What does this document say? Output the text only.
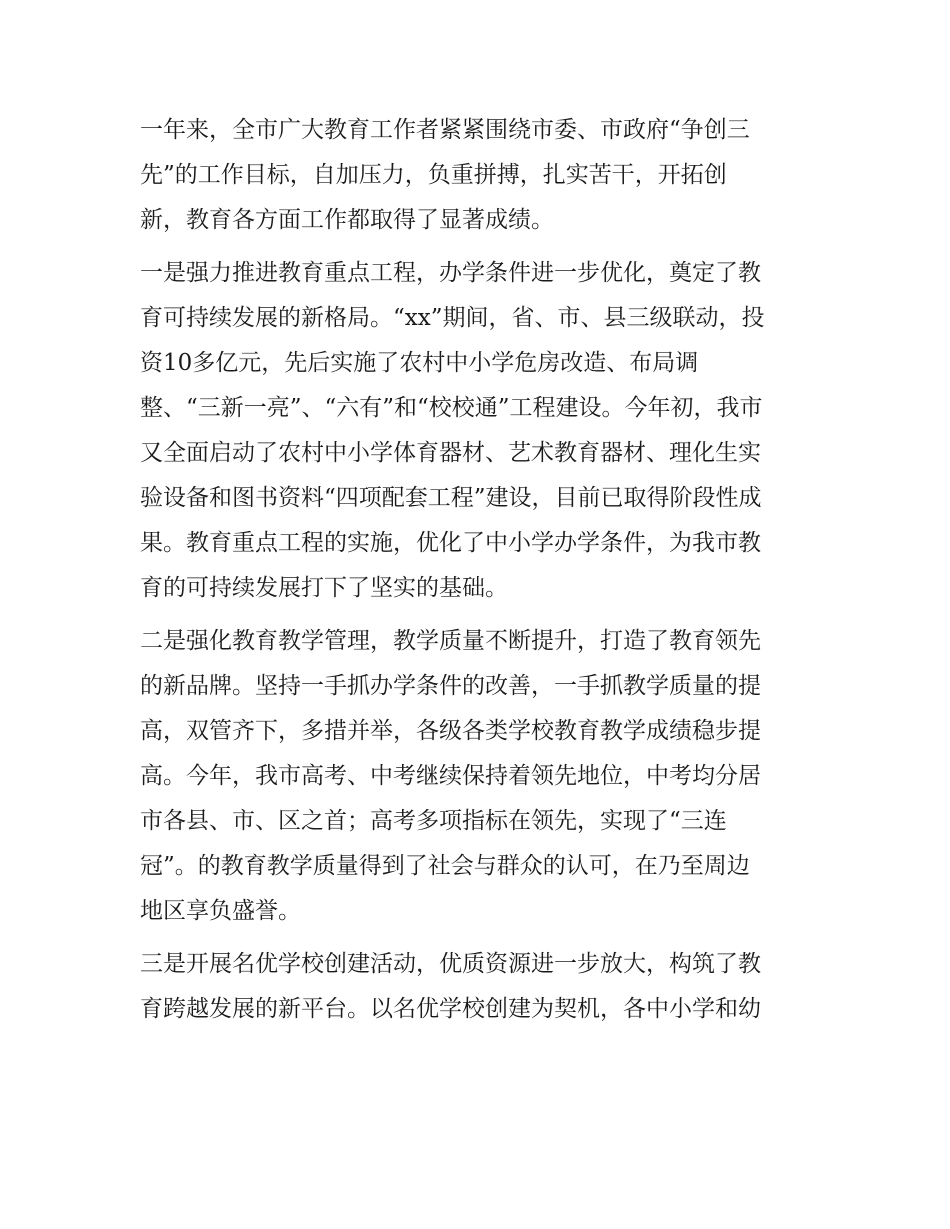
一年来，全市广大教育工作者紧紧围绕市委、市政府“争创三
先”的工作目标，自加压力，负重拼搏，扎实苦干，开拓创
新，教育各方面工作都取得了显著成绩。
一是强力推进教育重点工程，办学条件进一步优化，奠定了教
育可持续发展的新格局。“xx”期间，省、市、县三级联动，投
资10多亿元，先后实施了农村中小学危房改造、布局调
整、“三新一亮”、“六有”和“校校通”工程建设。今年初，我市
又全面启动了农村中小学体育器材、艺术教育器材、理化生实
验设备和图书资料“四项配套工程”建设，目前已取得阶段性成
果。教育重点工程的实施，优化了中小学办学条件，为我市教
育的可持续发展打下了坚实的基础。
二是强化教育教学管理，教学质量不断提升，打造了教育领先
的新品牌。坚持一手抓办学条件的改善，一手抓教学质量的提
高，双管齐下，多措并举，各级各类学校教育教学成绩稳步提
高。今年，我市高考、中考继续保持着领先地位，中考均分居
市各县、市、区之首；高考多项指标在领先，实现了“三连
冠”。的教育教学质量得到了社会与群众的认可，在乃至周边
地区享负盛誉。
三是开展名优学校创建活动，优质资源进一步放大，构筑了教
育跨越发展的新平台。以名优学校创建为契机，各中小学和幼
